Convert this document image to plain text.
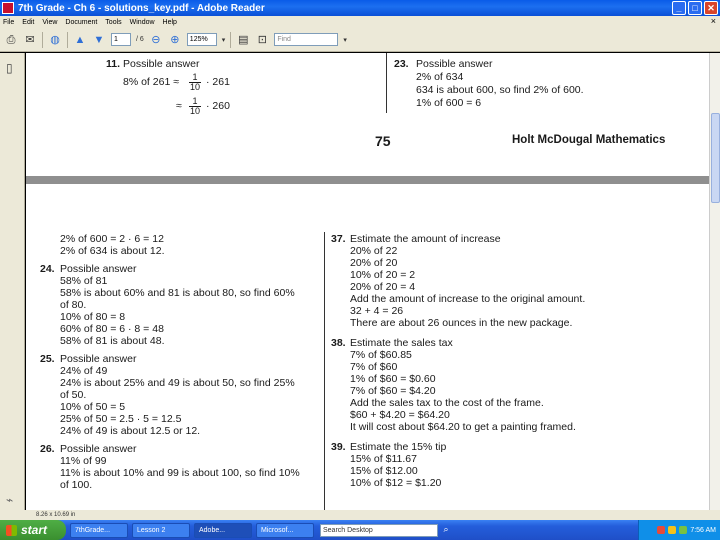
7th Grade - Ch 6 - solutions_key.pdf - Adobe Reader	_	□	✕
File Edit View Document Tools Window Help	×
⎙ ✉ ◍ ▲ ▼	1	/ 6 ⊖ ⊕	125%	▾ ▤ ⊡	Find	▾
▯
⌁
11. Possible answer
8% of $261 \approx \frac{1}{10} \cdot 261$
≈ $\frac{1}{10} \cdot 260$
23. Possible answer
2% of 634
634 is about 600, so find 2% of 600.
1% of 600 = 6
75	Holt McDougal Mathematics
2% of 600 = 2 · 6 = 12
2% of 634 is about 12.
24. Possible answer
58% of 81
58% is about 60% and 81 is about 80, so find 60%
of 80.
10% of 80 = 8
60% of 80 = 6 · 8 = 48
58% of 81 is about 48.
25. Possible answer
24% of 49
24% is about 25% and 49 is about 50, so find 25%
of 50.
10% of 50 = 5
25% of 50 = 2.5 · 5 = 12.5
24% of 49 is about 12.5 or 12.
26. Possible answer
11% of 99
11% is about 10% and 99 is about 100, so find 10%
of 100.
37. Estimate the amount of increase
20% of 22
20% of 20
10% of 20 = 2
20% of 20 = 4
Add the amount of increase to the original amount.
32 + 4 = 26
There are about 26 ounces in the new package.
38. Estimate the sales tax
7% of $60.85
7% of $60
1% of $60 = $0.60
7% of $60 = $4.20
Add the sales tax to the cost of the frame.
$60 + $4.20 = $64.20
It will cost about $64.20 to get a painting framed.
39. Estimate the 15% tip
15% of $11.67
15% of $12.00
10% of $12 = $1.20
8.26 x 10.69 in
start	7thGrade...	Lesson 2	Adobe...	Microsof...	Search Desktop	⌕	7:56 AM
